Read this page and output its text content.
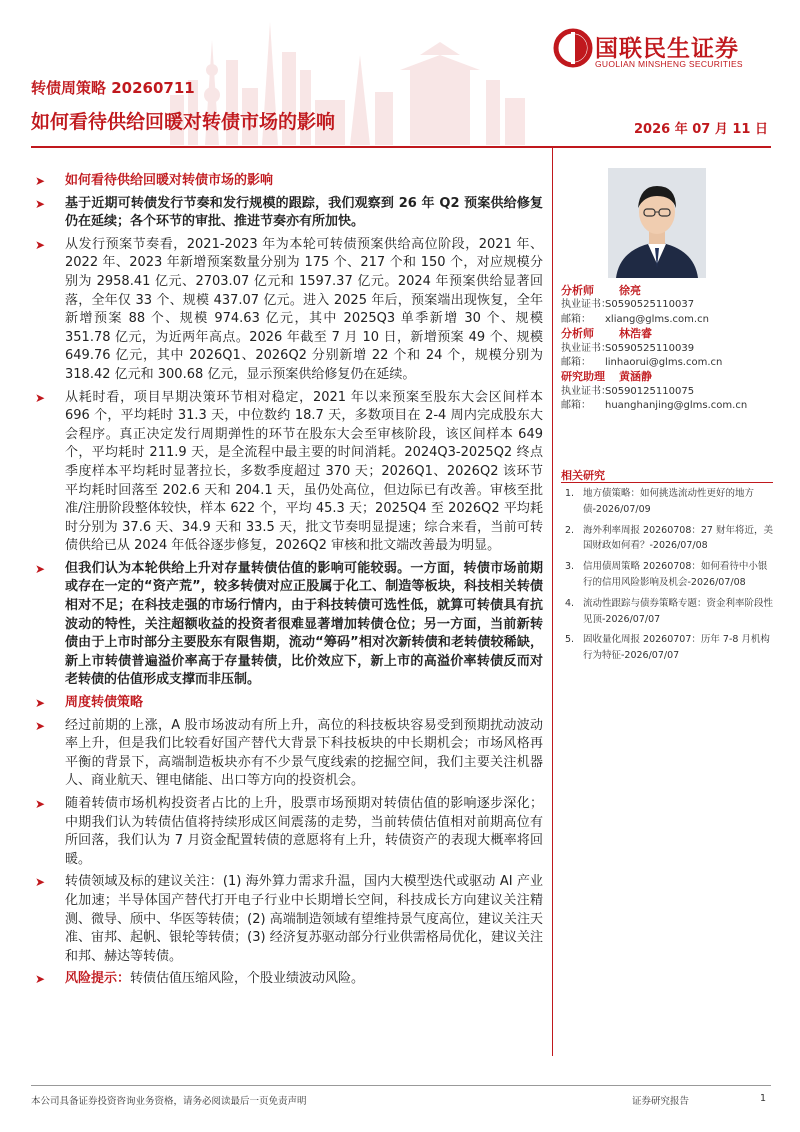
国联民生证券
GUOLIAN MINSHENG SECURITIES
转债周策略 20260711
如何看待供给回暖对转债市场的影响	2026 年 07 月 11 日
➤ 如何看待供给回暖对转债市场的影响
➤ 基于近期可转债发行节奏和发行规模的跟踪，我们观察到 26 年 Q2 预案供给修复仍在延续；各个环节的审批、推进节奏亦有所加快。
➤ 从发行预案节奏看，2021-2023 年为本轮可转债预案供给高位阶段，2021 年、2022 年、2023 年新增预案数量分别为 175 个、217 个和 150 个，对应规模分别为 2958.41 亿元、2703.07 亿元和 1597.37 亿元。2024 年预案供给显著回落，全年仅 33 个、规模 437.07 亿元。进入 2025 年后，预案端出现恢复，全年新增预案 88 个、规模 974.63 亿元，其中 2025Q3 单季新增 30 个、规模 351.78 亿元，为近两年高点。2026 年截至 7 月 10 日，新增预案 49 个、规模 649.76 亿元，其中 2026Q1、2026Q2 分别新增 22 个和 24 个，规模分别为 318.42 亿元和 300.68 亿元，显示预案供给修复仍在延续。
➤ 从耗时看，项目早期决策环节相对稳定，2021 年以来预案至股东大会区间样本 696 个，平均耗时 31.3 天，中位数约 18.7 天，多数项目在 2-4 周内完成股东大会程序。真正决定发行周期弹性的环节在股东大会至审核阶段，该区间样本 649 个，平均耗时 211.9 天，是全流程中最主要的时间消耗。2024Q3-2025Q2 终点季度样本平均耗时显著拉长，多数季度超过 370 天；2026Q1、2026Q2 该环节平均耗时回落至 202.6 天和 204.1 天，虽仍处高位，但边际已有改善。审核至批准/注册阶段整体较快，样本 622 个，平均 45.3 天；2025Q4 至 2026Q2 平均耗时分别为 37.6 天、34.9 天和 33.5 天，批文节奏明显提速；综合来看，当前可转债供给已从 2024 年低谷逐步修复，2026Q2 审核和批文端改善最为明显。
➤ 但我们认为本轮供给上升对存量转债估值的影响可能较弱。一方面，转债市场前期或存在一定的“资产荒”，较多转债对应正股属于化工、制造等板块，科技相关转债相对不足；在科技走强的市场行情内，由于科技转债可选性低，就算可转债具有抗波动的特性，关注超额收益的投资者很难显著增加转债仓位；另一方面，当前新转债由于上市时部分主要股东有限售期，流动“筹码”相对次新转债和老转债较稀缺，新上市转债普遍溢价率高于存量转债，比价效应下，新上市的高溢价率转债反而对老转债的估值形成支撑而非压制。
➤ 周度转债策略
➤ 经过前期的上涨，A 股市场波动有所上升，高位的科技板块容易受到预期扰动波动率上升，但是我们比较看好国产替代大背景下科技板块的中长期机会；市场风格再平衡的背景下，高端制造板块亦有不少景气度线索的挖掘空间，我们主要关注机器人、商业航天、锂电储能、出口等方向的投资机会。
➤ 随着转债市场机构投资者占比的上升，股票市场预期对转债估值的影响逐步深化；中期我们认为转债估值将持续形成区间震荡的走势，当前转债估值相对前期高位有所回落，我们认为 7 月资金配置转债的意愿将有上升，转债资产的表现大概率将回暖。
➤ 转债领域及标的建议关注：(1) 海外算力需求升温，国内大模型迭代或驱动 AI 产业化加速；半导体国产替代打开电子行业中长期增长空间，科技成长方向建议关注精测、微导、颀中、华医等转债；(2) 高端制造领域有望维持景气度高位，建议关注天准、宙邦、起帆、银轮等转债；(3) 经济复苏驱动部分行业供需格局优化，建议关注和邦、赫达等转债。
➤ 风险提示：转债估值压缩风险，个股业绩波动风险。
分析师 徐亮
执业证书：S0590525110037
邮箱： xliang@glms.com.cn
分析师 林浩睿
执业证书：S0590525110039
邮箱： linhaorui@glms.com.cn
研究助理 黄涵静
执业证书：S0590125110075
邮箱： huanghanjing@glms.com.cn
相关研究
1. 地方债策略：如何挑选流动性更好的地方债-2026/07/09
2. 海外利率周报 20260708：27 财年将近，美国财政如何看？-2026/07/08
3. 信用债周策略 20260708：如何看待中小银行的信用风险影响及机会-2026/07/08
4. 流动性跟踪与债券策略专题：资金利率阶段性见顶-2026/07/07
5. 固收量化周报 20260707：历年 7-8 月机构行为特征-2026/07/07
本公司具备证券投资咨询业务资格，请务必阅读最后一页免责声明	证券研究报告	1
